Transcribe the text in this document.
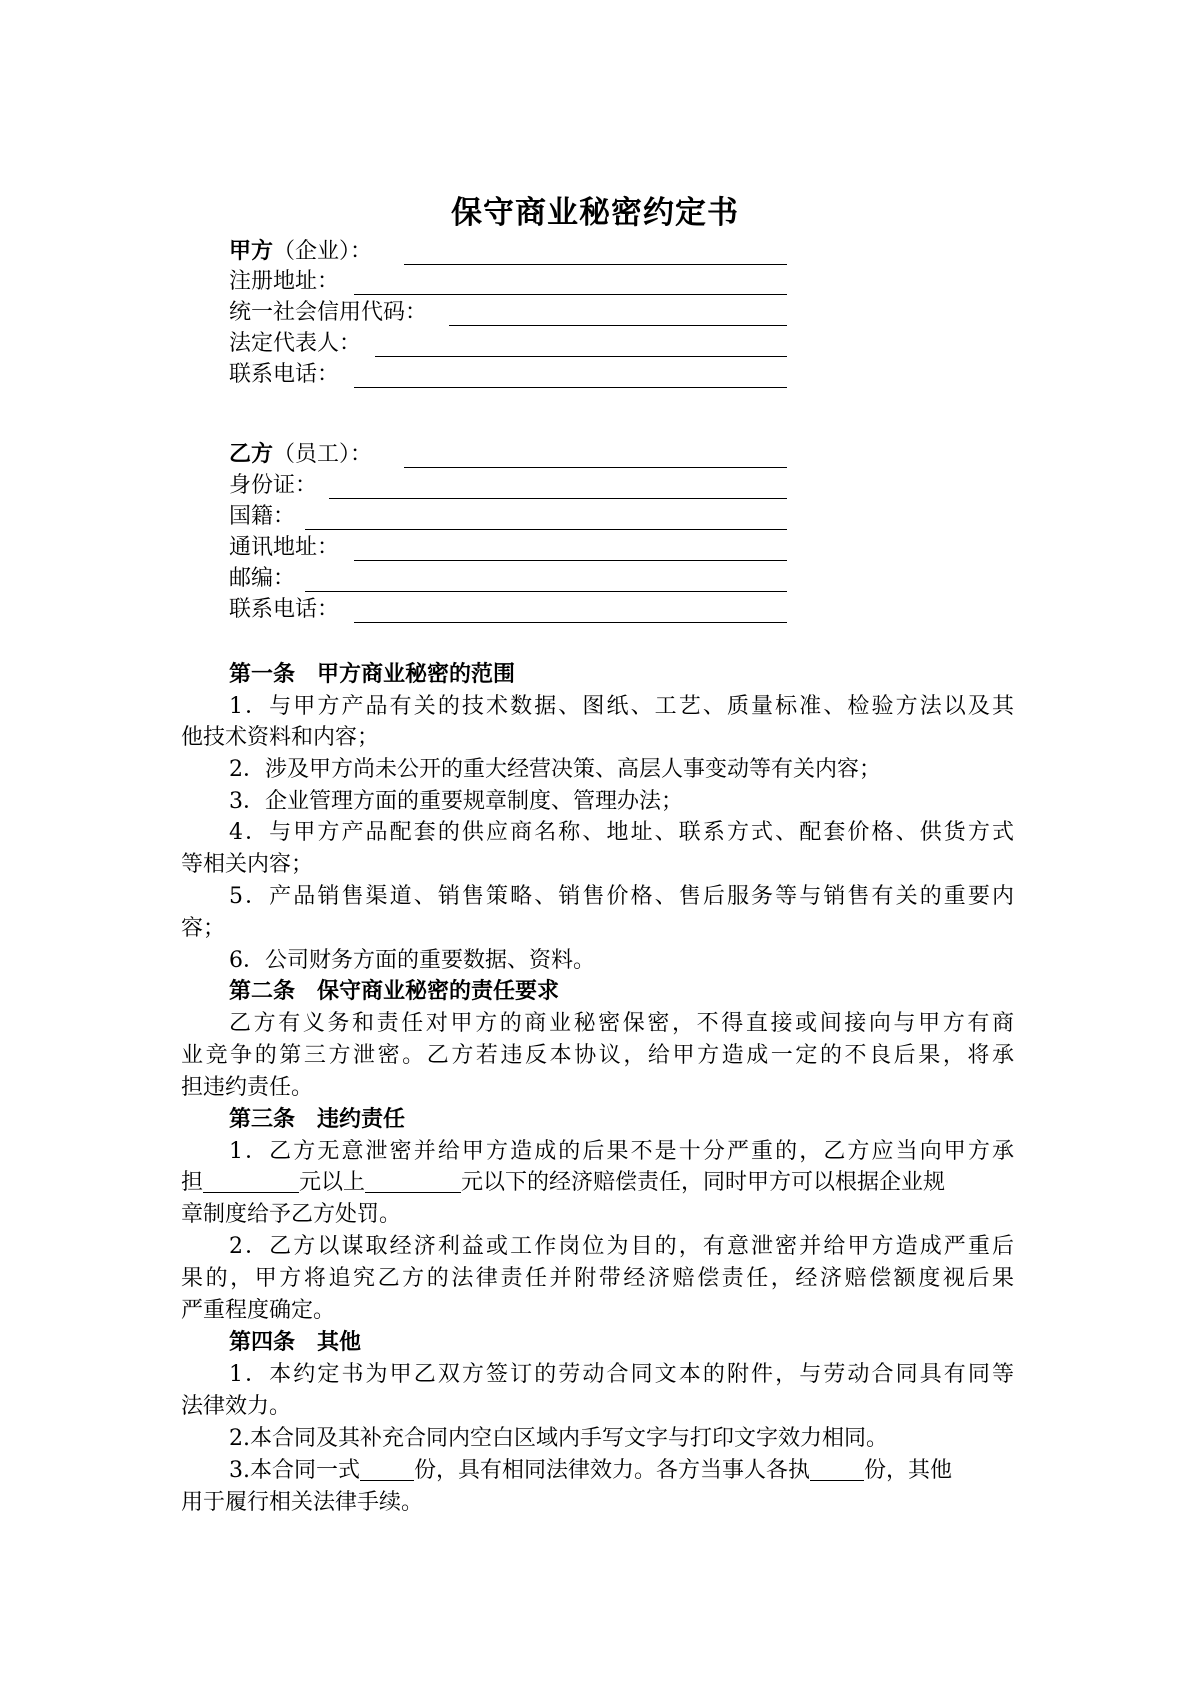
保守商业秘密约定书
甲方（企业）：
注册地址：
统一社会信用代码：
法定代表人：
联系电话：
乙方（员工）：
身份证：
国籍：
通讯地址：
邮编：
联系电话：
第一条 甲方商业秘密的范围
1．与甲方产品有关的技术数据、图纸、工艺、质量标准、检验方法以及其
他技术资料和内容；
2．涉及甲方尚未公开的重大经营决策、高层人事变动等有关内容；
3．企业管理方面的重要规章制度、管理办法；
4．与甲方产品配套的供应商名称、地址、联系方式、配套价格、供货方式
等相关内容；
5．产品销售渠道、销售策略、销售价格、售后服务等与销售有关的重要内
容；
6．公司财务方面的重要数据、资料。
第二条 保守商业秘密的责任要求
乙方有义务和责任对甲方的商业秘密保密，不得直接或间接向与甲方有商
业竞争的第三方泄密。乙方若违反本协议，给甲方造成一定的不良后果，将承
担违约责任。
第三条 违约责任
1．乙方无意泄密并给甲方造成的后果不是十分严重的，乙方应当向甲方承
担	元以上	元以下的经济赔偿责任，同时甲方可以根据企业规
章制度给予乙方处罚。
2．乙方以谋取经济利益或工作岗位为目的，有意泄密并给甲方造成严重后
果的，甲方将追究乙方的法律责任并附带经济赔偿责任，经济赔偿额度视后果
严重程度确定。
第四条 其他
1．本约定书为甲乙双方签订的劳动合同文本的附件，与劳动合同具有同等
法律效力。
2.本合同及其补充合同内空白区域内手写文字与打印文字效力相同。
3.本合同一式 份，具有相同法律效力。各方当事人各执 份，其他
用于履行相关法律手续。
